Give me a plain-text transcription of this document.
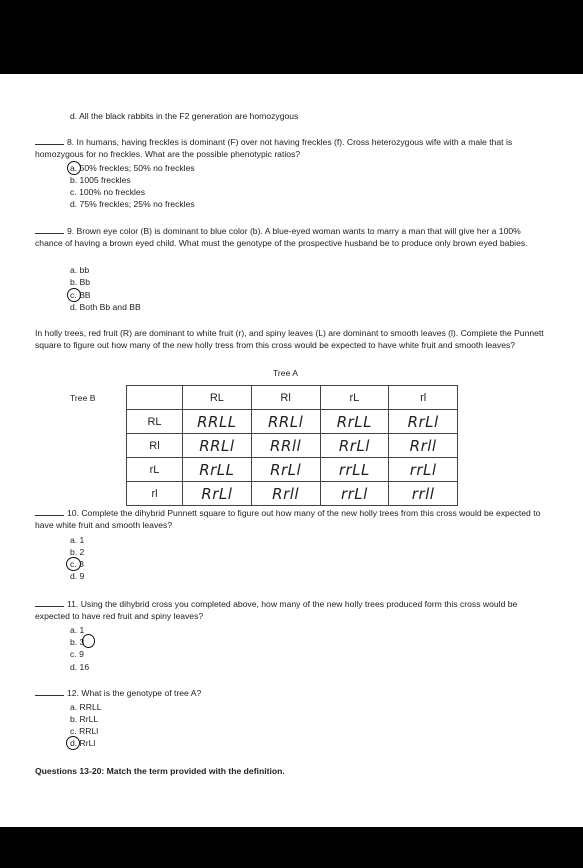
d. All the black rabbits in the F2 generation are homozygous
8. In humans, having freckles is dominant (F) over not having freckles (f). Cross heterozygous wife with a male that is homozygous for no freckles. What are the possible phenotypic ratios?
a. 50% freckles; 50% no freckles
b. 1005 freckles
c. 100% no freckles
d. 75% freckles; 25% no freckles
9. Brown eye color (B) is dominant to blue color (b). A blue-eyed woman wants to marry a man that will give her a 100% chance of having a brown eyed child. What must the genotype of the prospective husband be to produce only brown eyed babies.
a. bb
b. Bb
c. BB
d. Both Bb and BB
In holly trees, red fruit (R) are dominant to white fruit (r), and spiny leaves (L) are dominant to smooth leaves (l). Complete the Punnett square to figure out how many of the new holly tress from this cross would be expected to have white fruit and smooth leaves?
Tree A
Tree B
		RL	Rl	rL	rl
RL	RRLL	RRLl	RrLL	RrLl
Rl	RRLl	RRll	RrLl	Rrll
rL	RrLL	RrLl	rrLL	rrLl
rl	RrLl	Rrll	rrLl	rrll
10. Complete the dihybrid Punnett square to figure out how many of the new holly trees from this cross would be expected to have white fruit and smooth leaves?
a. 1
b. 2
c. 3
d. 9
11. Using the dihybrid cross you completed above, how many of the new holly trees produced form this cross would be expected to have red fruit and spiny leaves?
a. 1
b. 3
c. 9
d. 16
12. What is the genotype of tree A?
a. RRLL
b. RrLL
c. RRLl
d. RrLl
Questions 13-20: Match the term provided with the definition.
